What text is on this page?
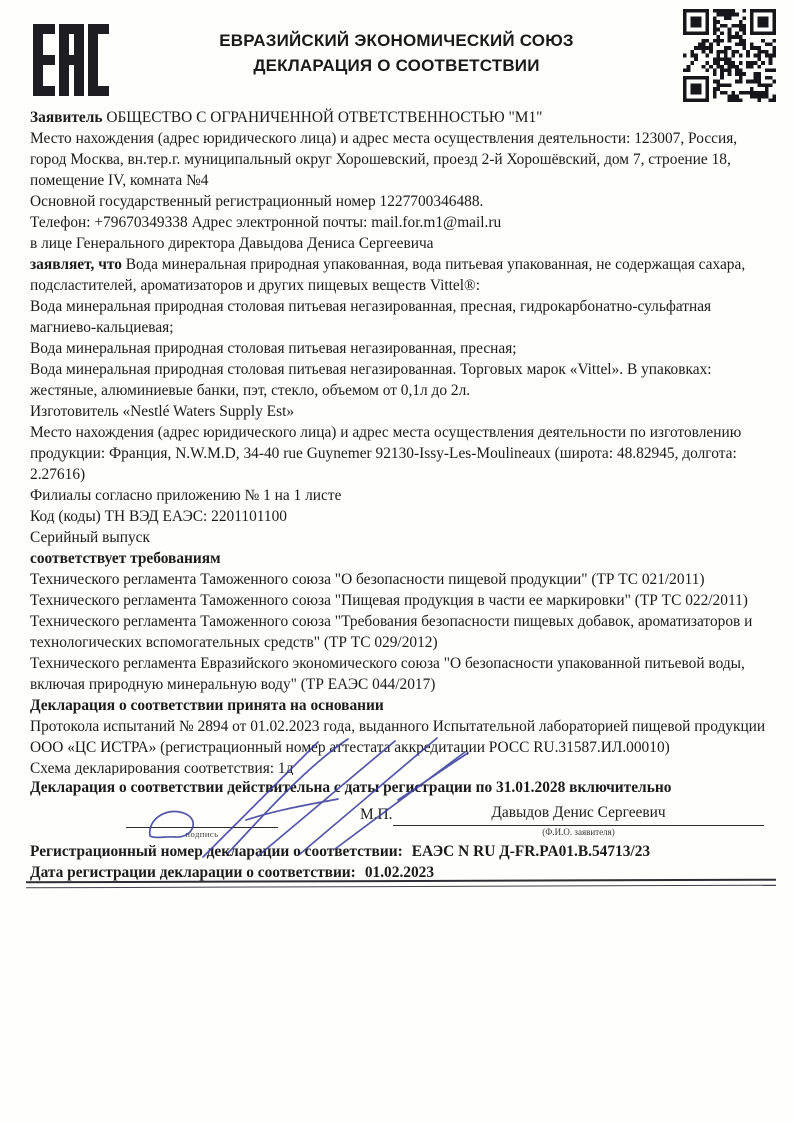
ЕВРАЗИЙСКИЙ ЭКОНОМИЧЕСКИЙ СОЮЗ
ДЕКЛАРАЦИЯ О СООТВЕТСТВИИ

Заявитель ОБЩЕСТВО С ОГРАНИЧЕННОЙ ОТВЕТСТВЕННОСТЬЮ "М1"

Место нахождения (адрес юридического лица) и адрес места осуществления деятельности: 123007, Россия, город Москва, вн.тер.г. муниципальный округ Хорошевский, проезд 2-й Хорошёвский, дом 7, строение 18, помещение IV, комната №4

Основной государственный регистрационный номер 1227700346488.

Телефон: +79670349338 Адрес электронной почты: mail.for.m1@mail.ru

в лице Генерального директора Давыдова Дениса Сергеевича

заявляет, что Вода минеральная природная упакованная, вода питьевая упакованная, не содержащая сахара, подсластителей, ароматизаторов и других пищевых веществ Vittel®:

Вода минеральная природная столовая питьевая негазированная, пресная, гидрокарбонатно-сульфатная магниево-кальциевая;

Вода минеральная природная столовая питьевая негазированная, пресная;

Вода минеральная природная столовая питьевая негазированная. Торговых марок «Vittel». В упаковках: жестяные, алюминиевые банки, пэт, стекло, объемом от 0,1л до 2л.

Изготовитель «Nestlé Waters Supply Est»

Место нахождения (адрес юридического лица) и адрес места осуществления деятельности по изготовлению продукции: Франция, N.W.M.D, 34-40 rue Guynemer 92130-Issy-Les-Moulineaux (широта: 48.82945, долгота: 2.27616)

Филиалы согласно приложению № 1 на 1 листе

Код (коды) ТН ВЭД ЕАЭС: 2201101100

Серийный выпуск

соответствует требованиям

Технического регламента Таможенного союза "О безопасности пищевой продукции" (ТР ТС 021/2011)

Технического регламента Таможенного союза "Пищевая продукция в части ее маркировки" (ТР ТС 022/2011)

Технического регламента Таможенного союза "Требования безопасности пищевых добавок, ароматизаторов и технологических вспомогательных средств" (ТР ТС 029/2012)

Технического регламента Евразийского экономического союза "О безопасности упакованной питьевой воды, включая природную минеральную воду" (ТР ЕАЭС 044/2017)

Декларация о соответствии принята на основании

Протокола испытаний № 2894 от 01.02.2023 года, выданного Испытательной лабораторией пищевой продукции ООО «ЦС ИСТРА» (регистрационный номер аттестата аккредитации РОСС RU.31587.ИЛ.00010)

Схема декларирования соответствия: 1д

Декларация о соответствии действительна с даты регистрации по 31.01.2028 включительно
М.П.
подпись
Давыдов Денис Сергеевич
(Ф.И.О. заявителя)
Регистрационный номер декларации о соответствии: ЕАЭС N RU Д-FR.PA01.B.54713/23
Дата регистрации декларации о соответствии: 01.02.2023
